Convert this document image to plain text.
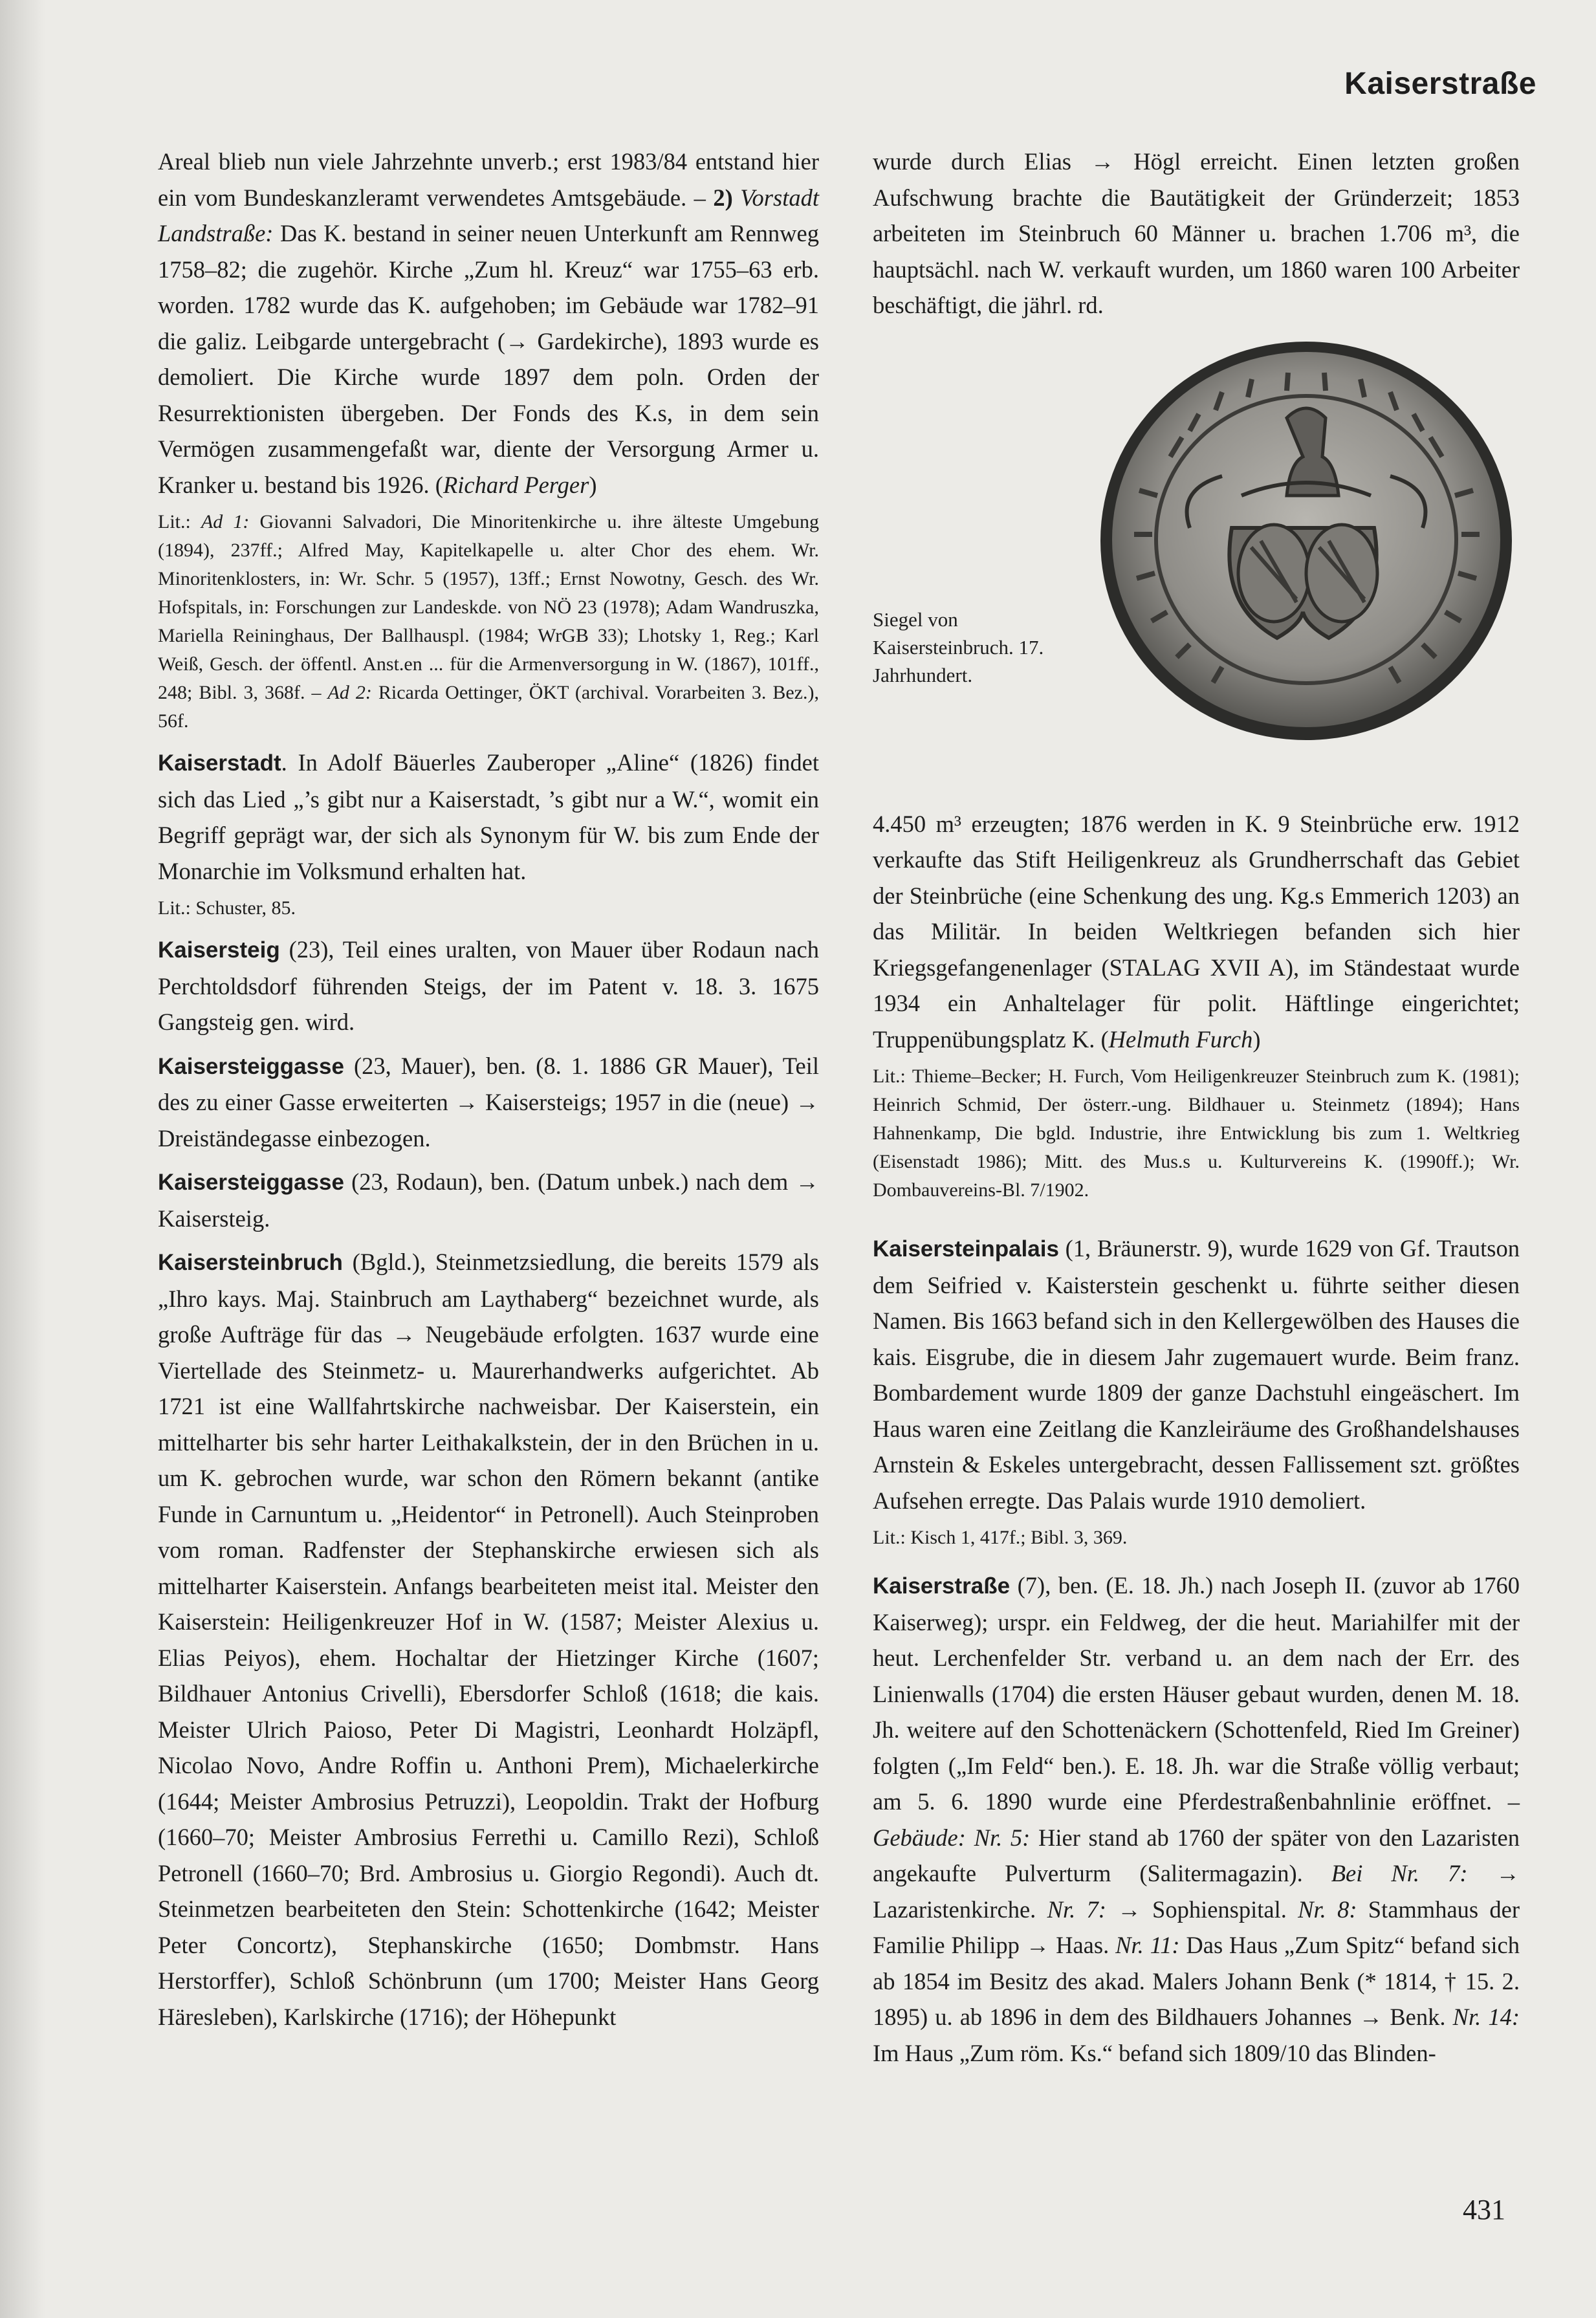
Kaiserstraße

Areal blieb nun viele Jahrzehnte unverb.; erst 1983/84 entstand hier ein vom Bundeskanzleramt verwendetes Amtsgebäude. – 2) Vorstadt Landstraße: Das K. bestand in seiner neuen Unterkunft am Rennweg 1758–82; die zugehör. Kirche „Zum hl. Kreuz“ war 1755–63 erb. worden. 1782 wurde das K. aufgehoben; im Gebäude war 1782–91 die galiz. Leibgarde untergebracht (→ Gardekirche), 1893 wurde es demoliert. Die Kirche wurde 1897 dem poln. Orden der Resurrektionisten übergeben. Der Fonds des K.s, in dem sein Vermögen zusammengefaßt war, diente der Versorgung Armer u. Kranker u. bestand bis 1926. (Richard Perger)

Lit.: Ad 1: Giovanni Salvadori, Die Minoritenkirche u. ihre älteste Umgebung (1894), 237ff.; Alfred May, Kapitelkapelle u. alter Chor des ehem. Wr. Minoritenklosters, in: Wr. Schr. 5 (1957), 13ff.; Ernst Nowotny, Gesch. des Wr. Hofspitals, in: Forschungen zur Landeskde. von NÖ 23 (1978); Adam Wandruszka, Mariella Reininghaus, Der Ballhauspl. (1984; WrGB 33); Lhotsky 1, Reg.; Karl Weiß, Gesch. der öffentl. Anst.en ... für die Armenversorgung in W. (1867), 101ff., 248; Bibl. 3, 368f. – Ad 2: Ricarda Oettinger, ÖKT (archival. Vorarbeiten 3. Bez.), 56f.

Kaiserstadt. In Adolf Bäuerles Zauberoper „Aline“ (1826) findet sich das Lied „’s gibt nur a Kaiserstadt, ’s gibt nur a W.“, womit ein Begriff geprägt war, der sich als Synonym für W. bis zum Ende der Monarchie im Volksmund erhalten hat.

Lit.: Schuster, 85.

Kaisersteig (23), Teil eines uralten, von Mauer über Rodaun nach Perchtoldsdorf führenden Steigs, der im Patent v. 18. 3. 1675 Gangsteig gen. wird.

Kaisersteiggasse (23, Mauer), ben. (8. 1. 1886 GR Mauer), Teil des zu einer Gasse erweiterten → Kaisersteigs; 1957 in die (neue) → Dreiständegasse einbezogen.

Kaisersteiggasse (23, Rodaun), ben. (Datum unbek.) nach dem → Kaisersteig.

Kaisersteinbruch (Bgld.), Steinmetzsiedlung, die bereits 1579 als „Ihro kays. Maj. Stainbruch am Laythaberg“ bezeichnet wurde, als große Aufträge für das → Neugebäude erfolgten. 1637 wurde eine Viertellade des Steinmetz- u. Maurerhandwerks aufgerichtet. Ab 1721 ist eine Wallfahrtskirche nachweisbar. Der Kaiserstein, ein mittelharter bis sehr harter Leithakalkstein, der in den Brüchen in u. um K. gebrochen wurde, war schon den Römern bekannt (antike Funde in Carnuntum u. „Heidentor“ in Petronell). Auch Steinproben vom roman. Radfenster der Stephanskirche erwiesen sich als mittelharter Kaiserstein. Anfangs bearbeiteten meist ital. Meister den Kaiserstein: Heiligenkreuzer Hof in W. (1587; Meister Alexius u. Elias Peiyos), ehem. Hochaltar der Hietzinger Kirche (1607; Bildhauer Antonius Crivelli), Ebersdorfer Schloß (1618; die kais. Meister Ulrich Paioso, Peter Di Magistri, Leonhardt Holzäpfl, Nicolao Novo, Andre Roffin u. Anthoni Prem), Michaelerkirche (1644; Meister Ambrosius Petruzzi), Leopoldin. Trakt der Hofburg (1660–70; Meister Ambrosius Ferrethi u. Camillo Rezi), Schloß Petronell (1660–70; Brd. Ambrosius u. Giorgio Regondi). Auch dt. Steinmetzen bearbeiteten den Stein: Schottenkirche (1642; Meister Peter Concortz), Stephanskirche (1650; Dombmstr. Hans Herstorffer), Schloß Schönbrunn (um 1700; Meister Hans Georg Häresleben), Karlskirche (1716); der Höhepunkt

wurde durch Elias → Högl erreicht. Einen letzten großen Aufschwung brachte die Bautätigkeit der Gründerzeit; 1853 arbeiteten im Steinbruch 60 Männer u. brachen 1.706 m³, die hauptsächl. nach W. verkauft wurden, um 1860 waren 100 Arbeiter beschäftigt, die jährl. rd.

Siegel von Kaisersteinbruch. 17. Jahrhundert.

4.450 m³ erzeugten; 1876 werden in K. 9 Steinbrüche erw. 1912 verkaufte das Stift Heiligenkreuz als Grundherrschaft das Gebiet der Steinbrüche (eine Schenkung des ung. Kg.s Emmerich 1203) an das Militär. In beiden Weltkriegen befanden sich hier Kriegsgefangenenlager (STALAG XVII A), im Ständestaat wurde 1934 ein Anhaltelager für polit. Häftlinge eingerichtet; Truppenübungsplatz K. (Helmuth Furch)

Lit.: Thieme–Becker; H. Furch, Vom Heiligenkreuzer Steinbruch zum K. (1981); Heinrich Schmid, Der österr.-ung. Bildhauer u. Steinmetz (1894); Hans Hahnenkamp, Die bgld. Industrie, ihre Entwicklung bis zum 1. Weltkrieg (Eisenstadt 1986); Mitt. des Mus.s u. Kulturvereins K. (1990ff.); Wr. Dombauvereins-Bl. 7/1902.

Kaisersteinpalais (1, Bräunerstr. 9), wurde 1629 von Gf. Trautson dem Seifried v. Kaisterstein geschenkt u. führte seither diesen Namen. Bis 1663 befand sich in den Kellergewölben des Hauses die kais. Eisgrube, die in diesem Jahr zugemauert wurde. Beim franz. Bombardement wurde 1809 der ganze Dachstuhl eingeäschert. Im Haus waren eine Zeitlang die Kanzleiräume des Großhandelshauses Arnstein & Eskeles untergebracht, dessen Fallissement szt. größtes Aufsehen erregte. Das Palais wurde 1910 demoliert.

Lit.: Kisch 1, 417f.; Bibl. 3, 369.

Kaiserstraße (7), ben. (E. 18. Jh.) nach Joseph II. (zuvor ab 1760 Kaiserweg); urspr. ein Feldweg, der die heut. Mariahilfer mit der heut. Lerchenfelder Str. verband u. an dem nach der Err. des Linienwalls (1704) die ersten Häuser gebaut wurden, denen M. 18. Jh. weitere auf den Schottenäckern (Schottenfeld, Ried Im Greiner) folgten („Im Feld“ ben.). E. 18. Jh. war die Straße völlig verbaut; am 5. 6. 1890 wurde eine Pferdestraßenbahnlinie eröffnet. – Gebäude: Nr. 5: Hier stand ab 1760 der später von den Lazaristen angekaufte Pulverturm (Salitermagazin). Bei Nr. 7: → Lazaristenkirche. Nr. 7: → Sophienspital. Nr. 8: Stammhaus der Familie Philipp → Haas. Nr. 11: Das Haus „Zum Spitz“ befand sich ab 1854 im Besitz des akad. Malers Johann Benk (* 1814, † 15. 2. 1895) u. ab 1896 in dem des Bildhauers Johannes → Benk. Nr. 14: Im Haus „Zum röm. Ks.“ befand sich 1809/10 das Blinden-

431
